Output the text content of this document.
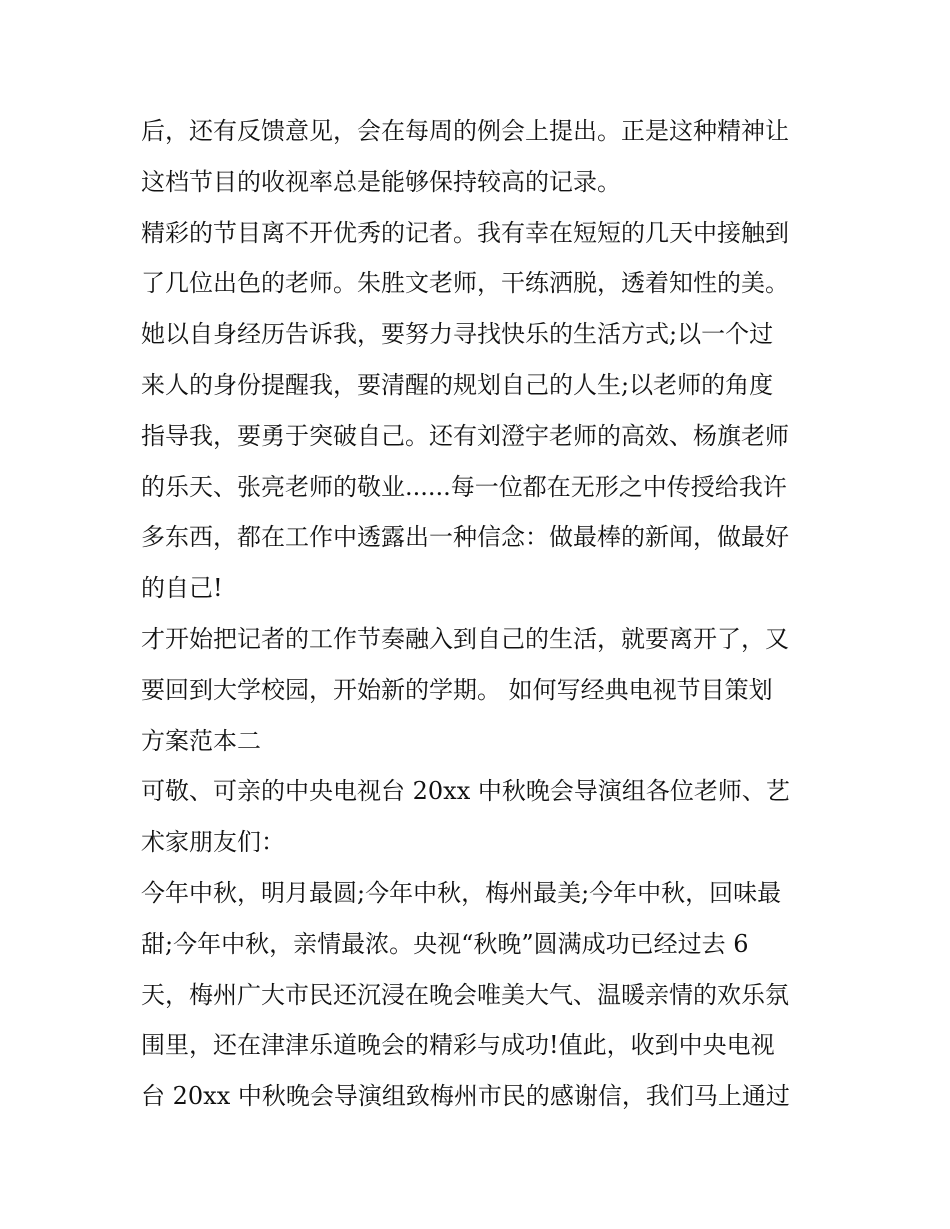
后，还有反馈意见，会在每周的例会上提出。正是这种精神让
这档节目的收视率总是能够保持较高的记录。
精彩的节目离不开优秀的记者。我有幸在短短的几天中接触到
了几位出色的老师。朱胜文老师，干练洒脱，透着知性的美。
她以自身经历告诉我，要努力寻找快乐的生活方式;以一个过
来人的身份提醒我，要清醒的规划自己的人生;以老师的角度
指导我，要勇于突破自己。还有刘澄宇老师的高效、杨旗老师
的乐天、张亮老师的敬业......每一位都在无形之中传授给我许
多东西，都在工作中透露出一种信念：做最棒的新闻，做最好
的自己!
才开始把记者的工作节奏融入到自己的生活，就要离开了，又
要回到大学校园，开始新的学期。 如何写经典电视节目策划
方案范本二
可敬、可亲的中央电视台 20xx 中秋晚会导演组各位老师、艺
术家朋友们：
今年中秋，明月最圆;今年中秋，梅州最美;今年中秋，回味最
甜;今年中秋，亲情最浓。央视“秋晚”圆满成功已经过去 6
天，梅州广大市民还沉浸在晚会唯美大气、温暖亲情的欢乐氛
围里，还在津津乐道晚会的精彩与成功!值此，收到中央电视
台 20xx 中秋晚会导演组致梅州市民的感谢信，我们马上通过
